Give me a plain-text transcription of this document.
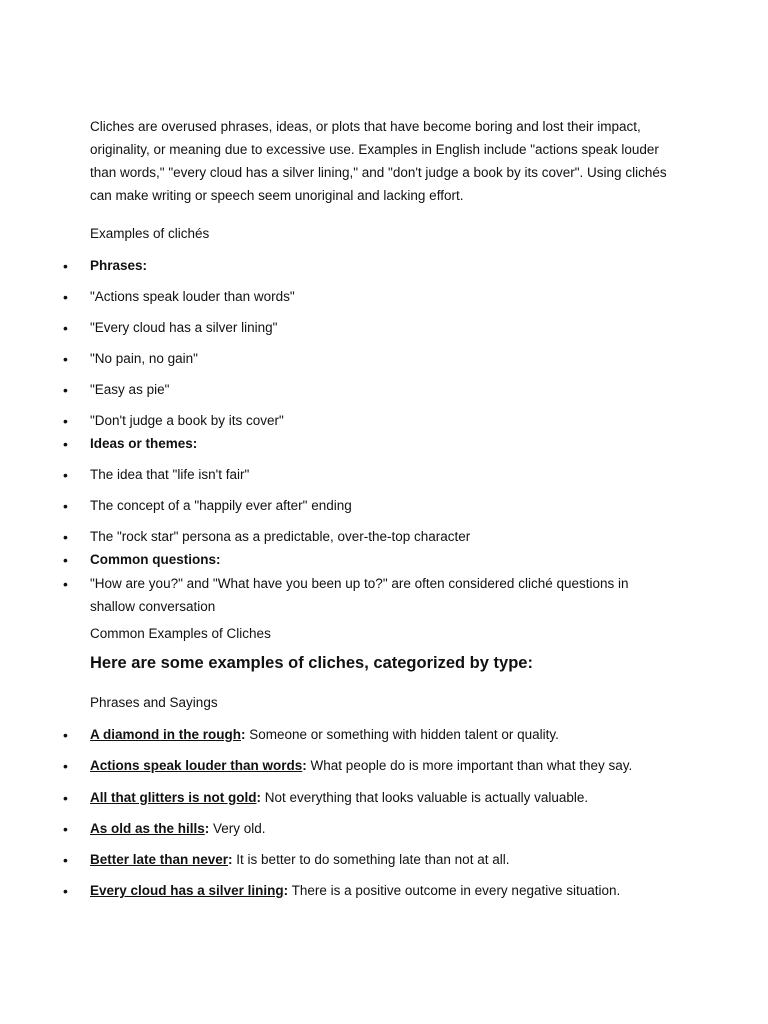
Cliches are overused phrases, ideas, or plots that have become boring and lost their impact, originality, or meaning due to excessive use. Examples in English include "actions speak louder than words," "every cloud has a silver lining," and "don't judge a book by its cover". Using clichés can make writing or speech seem unoriginal and lacking effort.

Examples of clichés

• Phrases:
• "Actions speak louder than words"
• "Every cloud has a silver lining"
• "No pain, no gain"
• "Easy as pie"
• "Don't judge a book by its cover"
• Ideas or themes:
• The idea that "life isn't fair"
• The concept of a "happily ever after" ending
• The "rock star" persona as a predictable, over-the-top character
• Common questions:
• "How are you?" and "What have you been up to?" are often considered cliché questions in shallow conversation

Common Examples of Cliches

Here are some examples of cliches, categorized by type:

Phrases and Sayings

• A diamond in the rough: Someone or something with hidden talent or quality.
• Actions speak louder than words: What people do is more important than what they say.
• All that glitters is not gold: Not everything that looks valuable is actually valuable.
• As old as the hills: Very old.
• Better late than never: It is better to do something late than not at all.
• Every cloud has a silver lining: There is a positive outcome in every negative situation.
